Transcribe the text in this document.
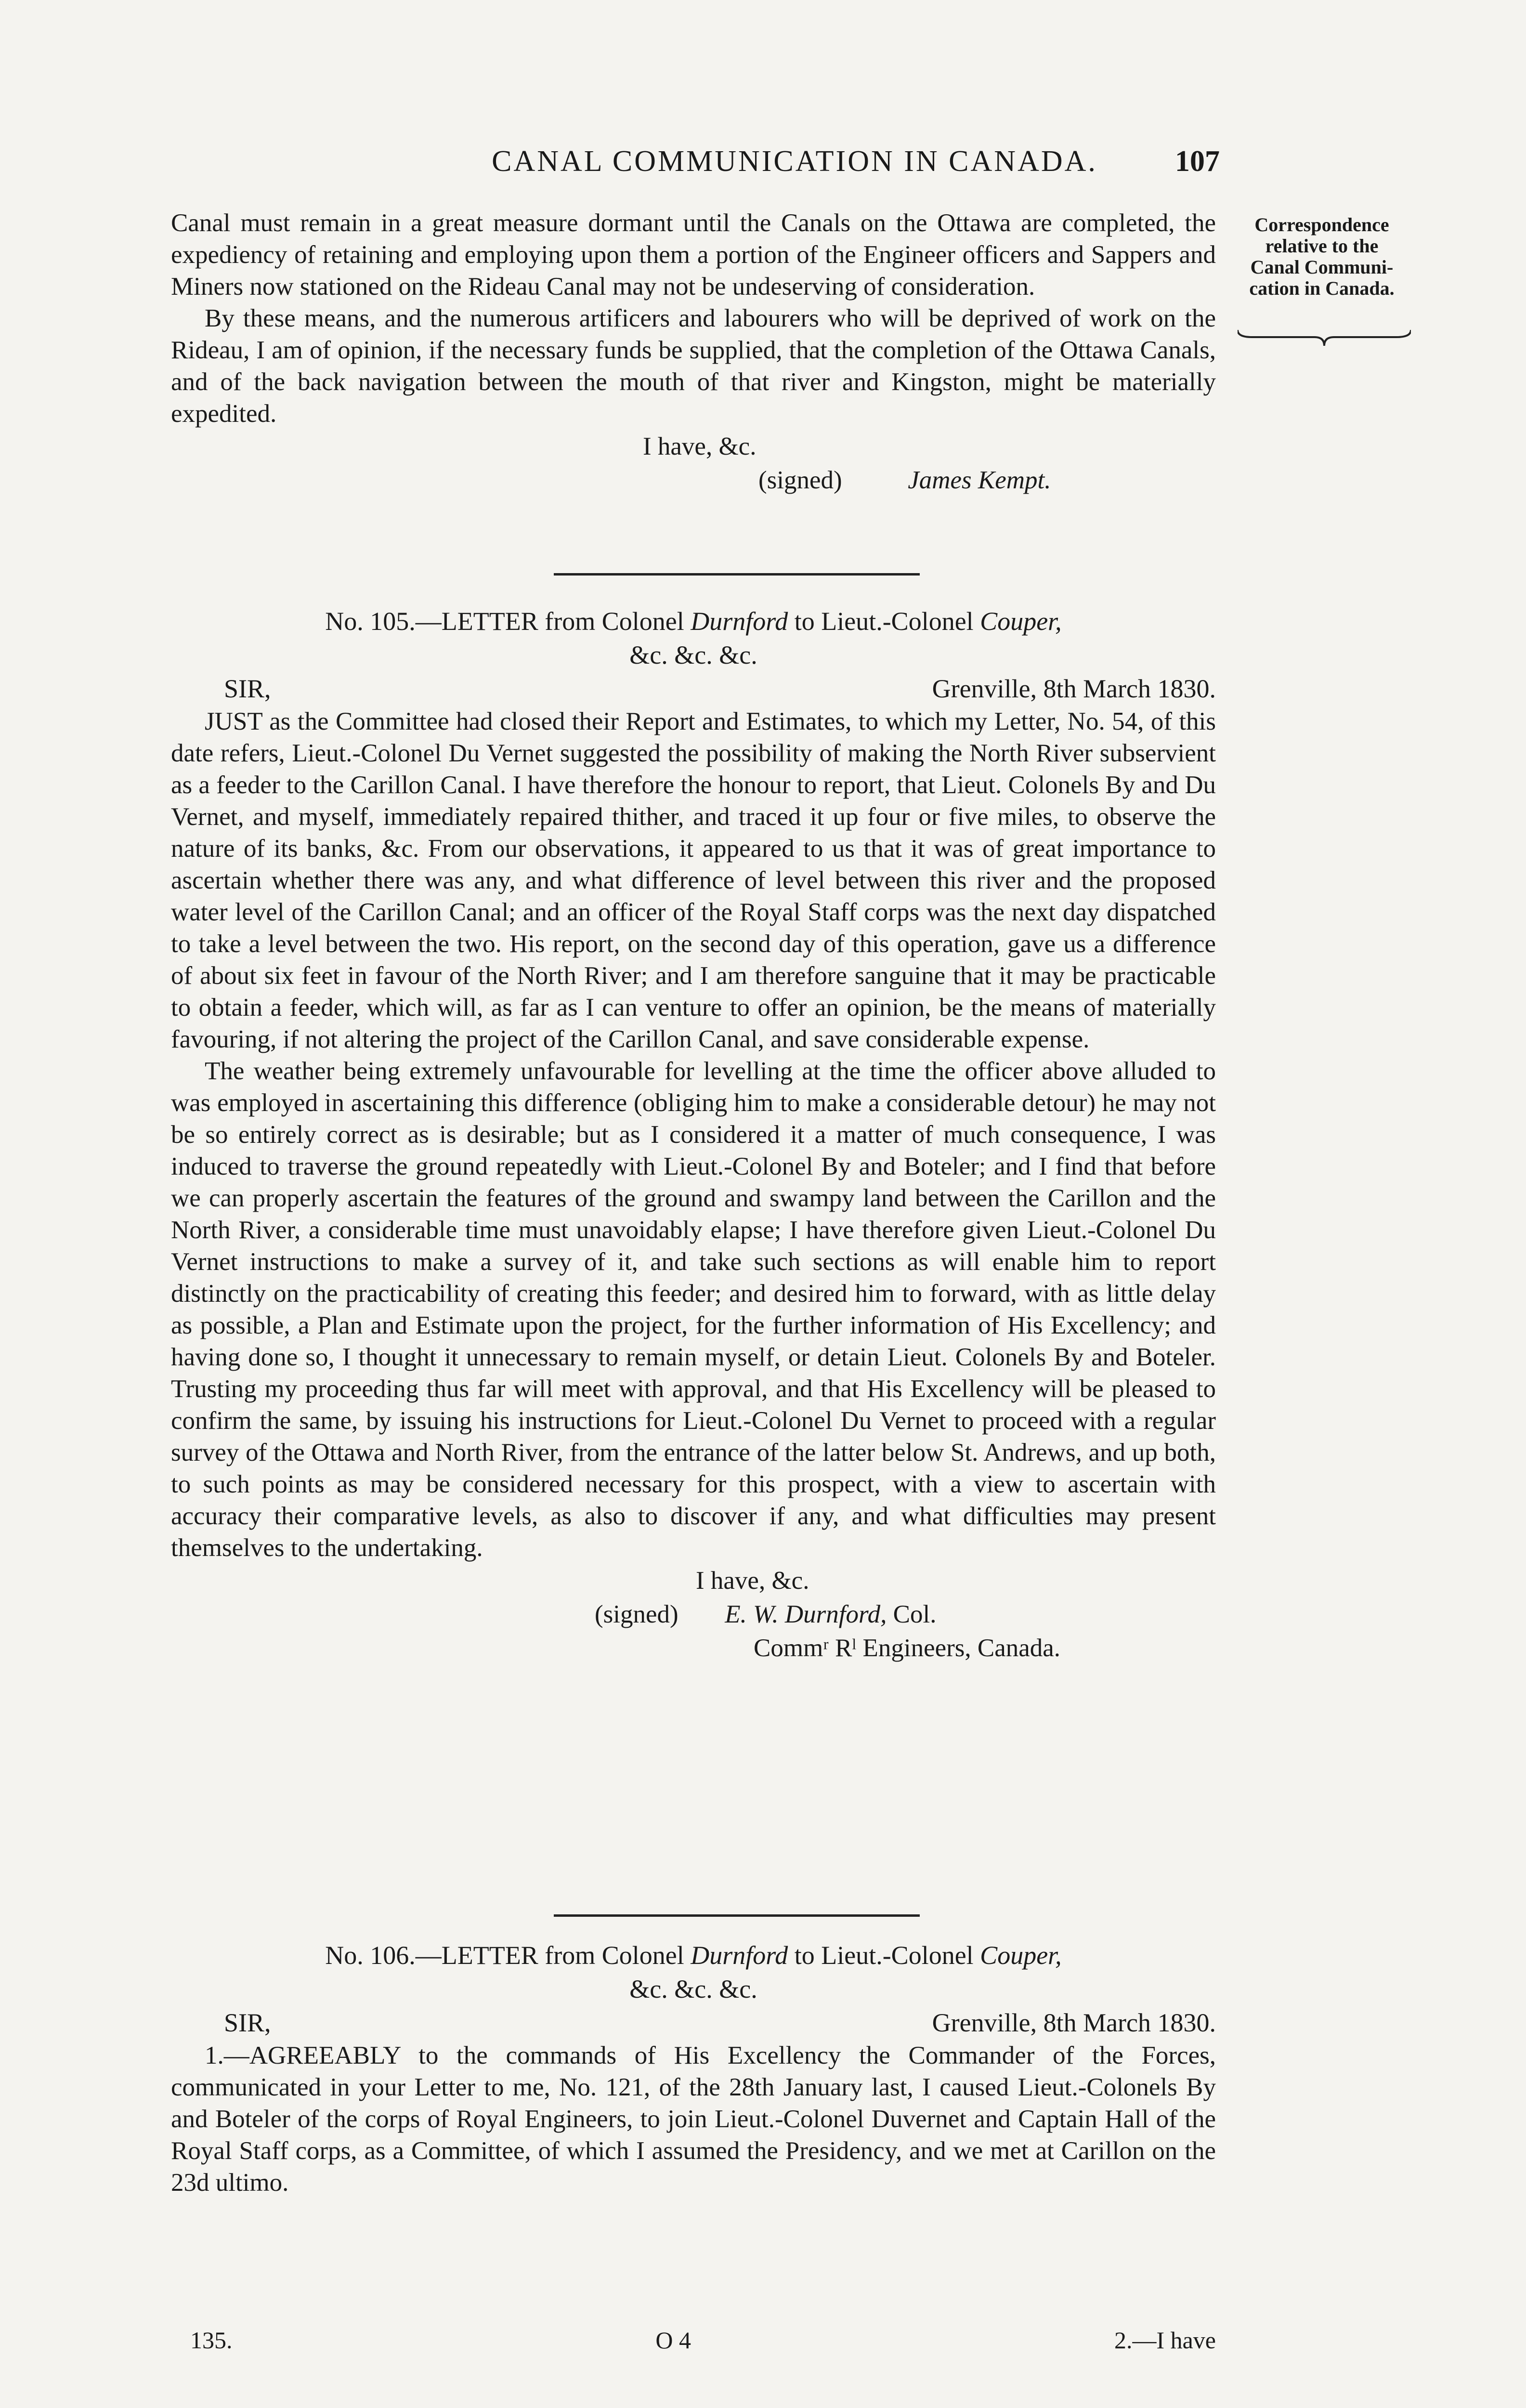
CANAL COMMUNICATION IN CANADA.	107
Correspondence
relative to the
Canal Communi-
cation in Canada.

Canal must remain in a great measure dormant until the Canals on the Ottawa are completed, the expediency of retaining and employing upon them a portion of the Engineer officers and Sappers and Miners now stationed on the Rideau Canal may not be undeserving of consideration.

By these means, and the numerous artificers and labourers who will be deprived of work on the Rideau, I am of opinion, if the necessary funds be supplied, that the completion of the Ottawa Canals, and of the back navigation between the mouth of that river and Kingston, might be materially expedited.

I have, &c.
(signed)	James Kempt.
No. 105.—LETTER from Colonel Durnford to Lieut.-Colonel Couper,
&c. &c. &c.
SIR,	Grenville, 8th March 1830.

JUST as the Committee had closed their Report and Estimates, to which my Letter, No. 54, of this date refers, Lieut.-Colonel Du Vernet suggested the possibility of making the North River subservient as a feeder to the Carillon Canal. I have therefore the honour to report, that Lieut. Colonels By and Du Vernet, and myself, immediately repaired thither, and traced it up four or five miles, to observe the nature of its banks, &c. From our observations, it appeared to us that it was of great importance to ascertain whether there was any, and what difference of level between this river and the proposed water level of the Carillon Canal; and an officer of the Royal Staff corps was the next day dispatched to take a level between the two. His report, on the second day of this operation, gave us a difference of about six feet in favour of the North River; and I am therefore sanguine that it may be practicable to obtain a feeder, which will, as far as I can venture to offer an opinion, be the means of materially favouring, if not altering the project of the Carillon Canal, and save considerable expense.

The weather being extremely unfavourable for levelling at the time the officer above alluded to was employed in ascertaining this difference (obliging him to make a considerable detour) he may not be so entirely correct as is desirable; but as I considered it a matter of much consequence, I was induced to traverse the ground repeatedly with Lieut.-Colonel By and Boteler; and I find that before we can properly ascertain the features of the ground and swampy land between the Carillon and the North River, a considerable time must unavoidably elapse; I have therefore given Lieut.-Colonel Du Vernet instructions to make a survey of it, and take such sections as will enable him to report distinctly on the practicability of creating this feeder; and desired him to forward, with as little delay as possible, a Plan and Estimate upon the project, for the further information of His Excellency; and having done so, I thought it unnecessary to remain myself, or detain Lieut. Colonels By and Boteler. Trusting my proceeding thus far will meet with approval, and that His Excellency will be pleased to confirm the same, by issuing his instructions for Lieut.-Colonel Du Vernet to proceed with a regular survey of the Ottawa and North River, from the entrance of the latter below St. Andrews, and up both, to such points as may be considered necessary for this prospect, with a view to ascertain with accuracy their comparative levels, as also to discover if any, and what difficulties may present themselves to the undertaking.

I have, &c.
(signed) E. W. Durnford, Col.
Commʳ Rˡ Engineers, Canada.
No. 106.—LETTER from Colonel Durnford to Lieut.-Colonel Couper,
&c. &c. &c.
SIR,	Grenville, 8th March 1830.

1.—AGREEABLY to the commands of His Excellency the Commander of the Forces, communicated in your Letter to me, No. 121, of the 28th January last, I caused Lieut.-Colonels By and Boteler of the corps of Royal Engineers, to join Lieut.-Colonel Duvernet and Captain Hall of the Royal Staff corps, as a Committee, of which I assumed the Presidency, and we met at Carillon on the 23d ultimo.

135.	O 4	2.—I have
